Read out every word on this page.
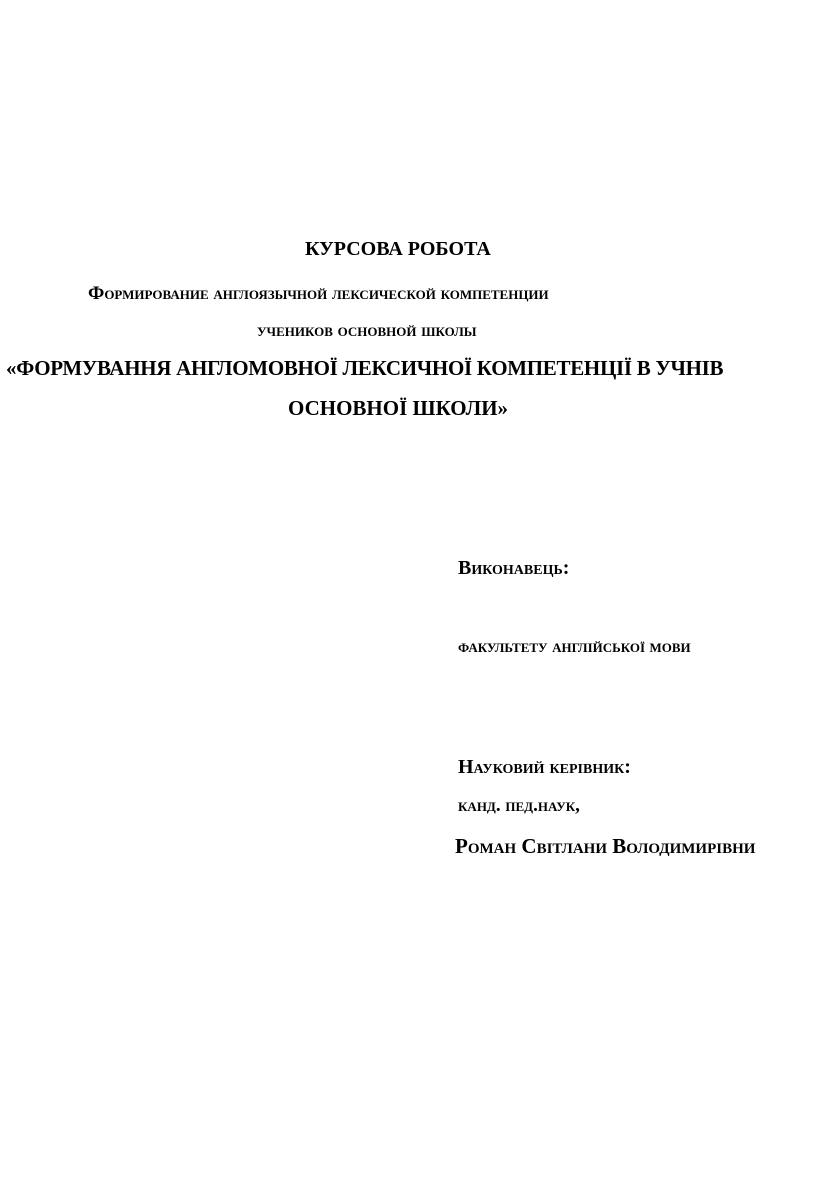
КУРСОВА РОБОТА

Формирование англоязычной лексической компетенции

учеников основной школы

«ФОРМУВАННЯ АНГЛОМОВНОЇ ЛЕКСИЧНОЇ КОМПЕТЕНЦІЇ В УЧНІВ

ОСНОВНОЇ ШКОЛИ»

Виконавець:

факультету англійської мови

Науковий керівник:

канд. пед.наук,

Роман Світлани Володимирівни
